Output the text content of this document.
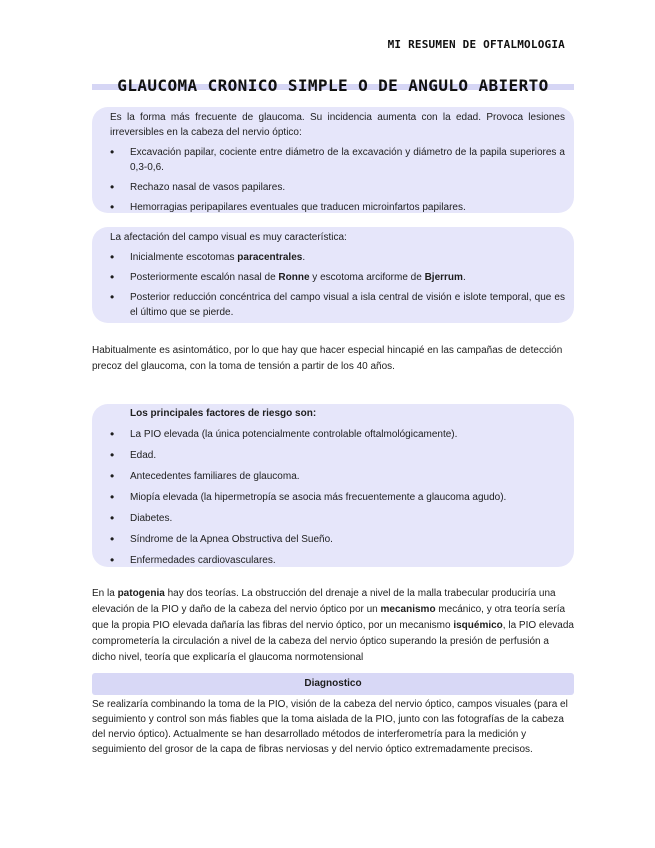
MI RESUMEN DE OFTALMOLOGIA
GLAUCOMA CRONICO SIMPLE O DE ANGULO ABIERTO

Es la forma más frecuente de glaucoma. Su incidencia aumenta con la edad. Provoca lesiones irreversibles en la cabeza del nervio óptico:

• Excavación papilar, cociente entre diámetro de la excavación y diámetro de la papila superiores a 0,3-0,6.
• Rechazo nasal de vasos papilares.
• Hemorragias peripapilares eventuales que traducen microinfartos papilares.

La afectación del campo visual es muy característica:

• Inicialmente escotomas paracentrales.
• Posteriormente escalón nasal de Ronne y escotoma arciforme de Bjerrum.
• Posterior reducción concéntrica del campo visual a isla central de visión e islote temporal, que es el último que se pierde.

Habitualmente es asintomático, por lo que hay que hacer especial hincapié en las campañas de detección precoz del glaucoma, con la toma de tensión a partir de los 40 años.

Los principales factores de riesgo son:

• La PIO elevada (la única potencialmente controlable oftalmológicamente).
• Edad.
• Antecedentes familiares de glaucoma.
• Miopía elevada (la hipermetropía se asocia más frecuentemente a glaucoma agudo).
• Diabetes.
• Síndrome de la Apnea Obstructiva del Sueño.
• Enfermedades cardiovasculares.

En la patogenia hay dos teorías. La obstrucción del drenaje a nivel de la malla trabecular produciría una elevación de la PIO y daño de la cabeza del nervio óptico por un mecanismo mecánico, y otra teoría sería que la propia PIO elevada dañaría las fibras del nervio óptico, por un mecanismo isquémico, la PIO elevada comprometería la circulación a nivel de la cabeza del nervio óptico superando la presión de perfusión a dicho nivel, teoría que explicaría el glaucoma normotensional

Diagnostico

Se realizaría combinando la toma de la PIO, visión de la cabeza del nervio óptico, campos visuales (para el seguimiento y control son más fiables que la toma aislada de la PIO, junto con las fotografías de la cabeza del nervio óptico). Actualmente se han desarrollado métodos de interferometría para la medición y seguimiento del grosor de la capa de fibras nerviosas y del nervio óptico extremadamente precisos.
